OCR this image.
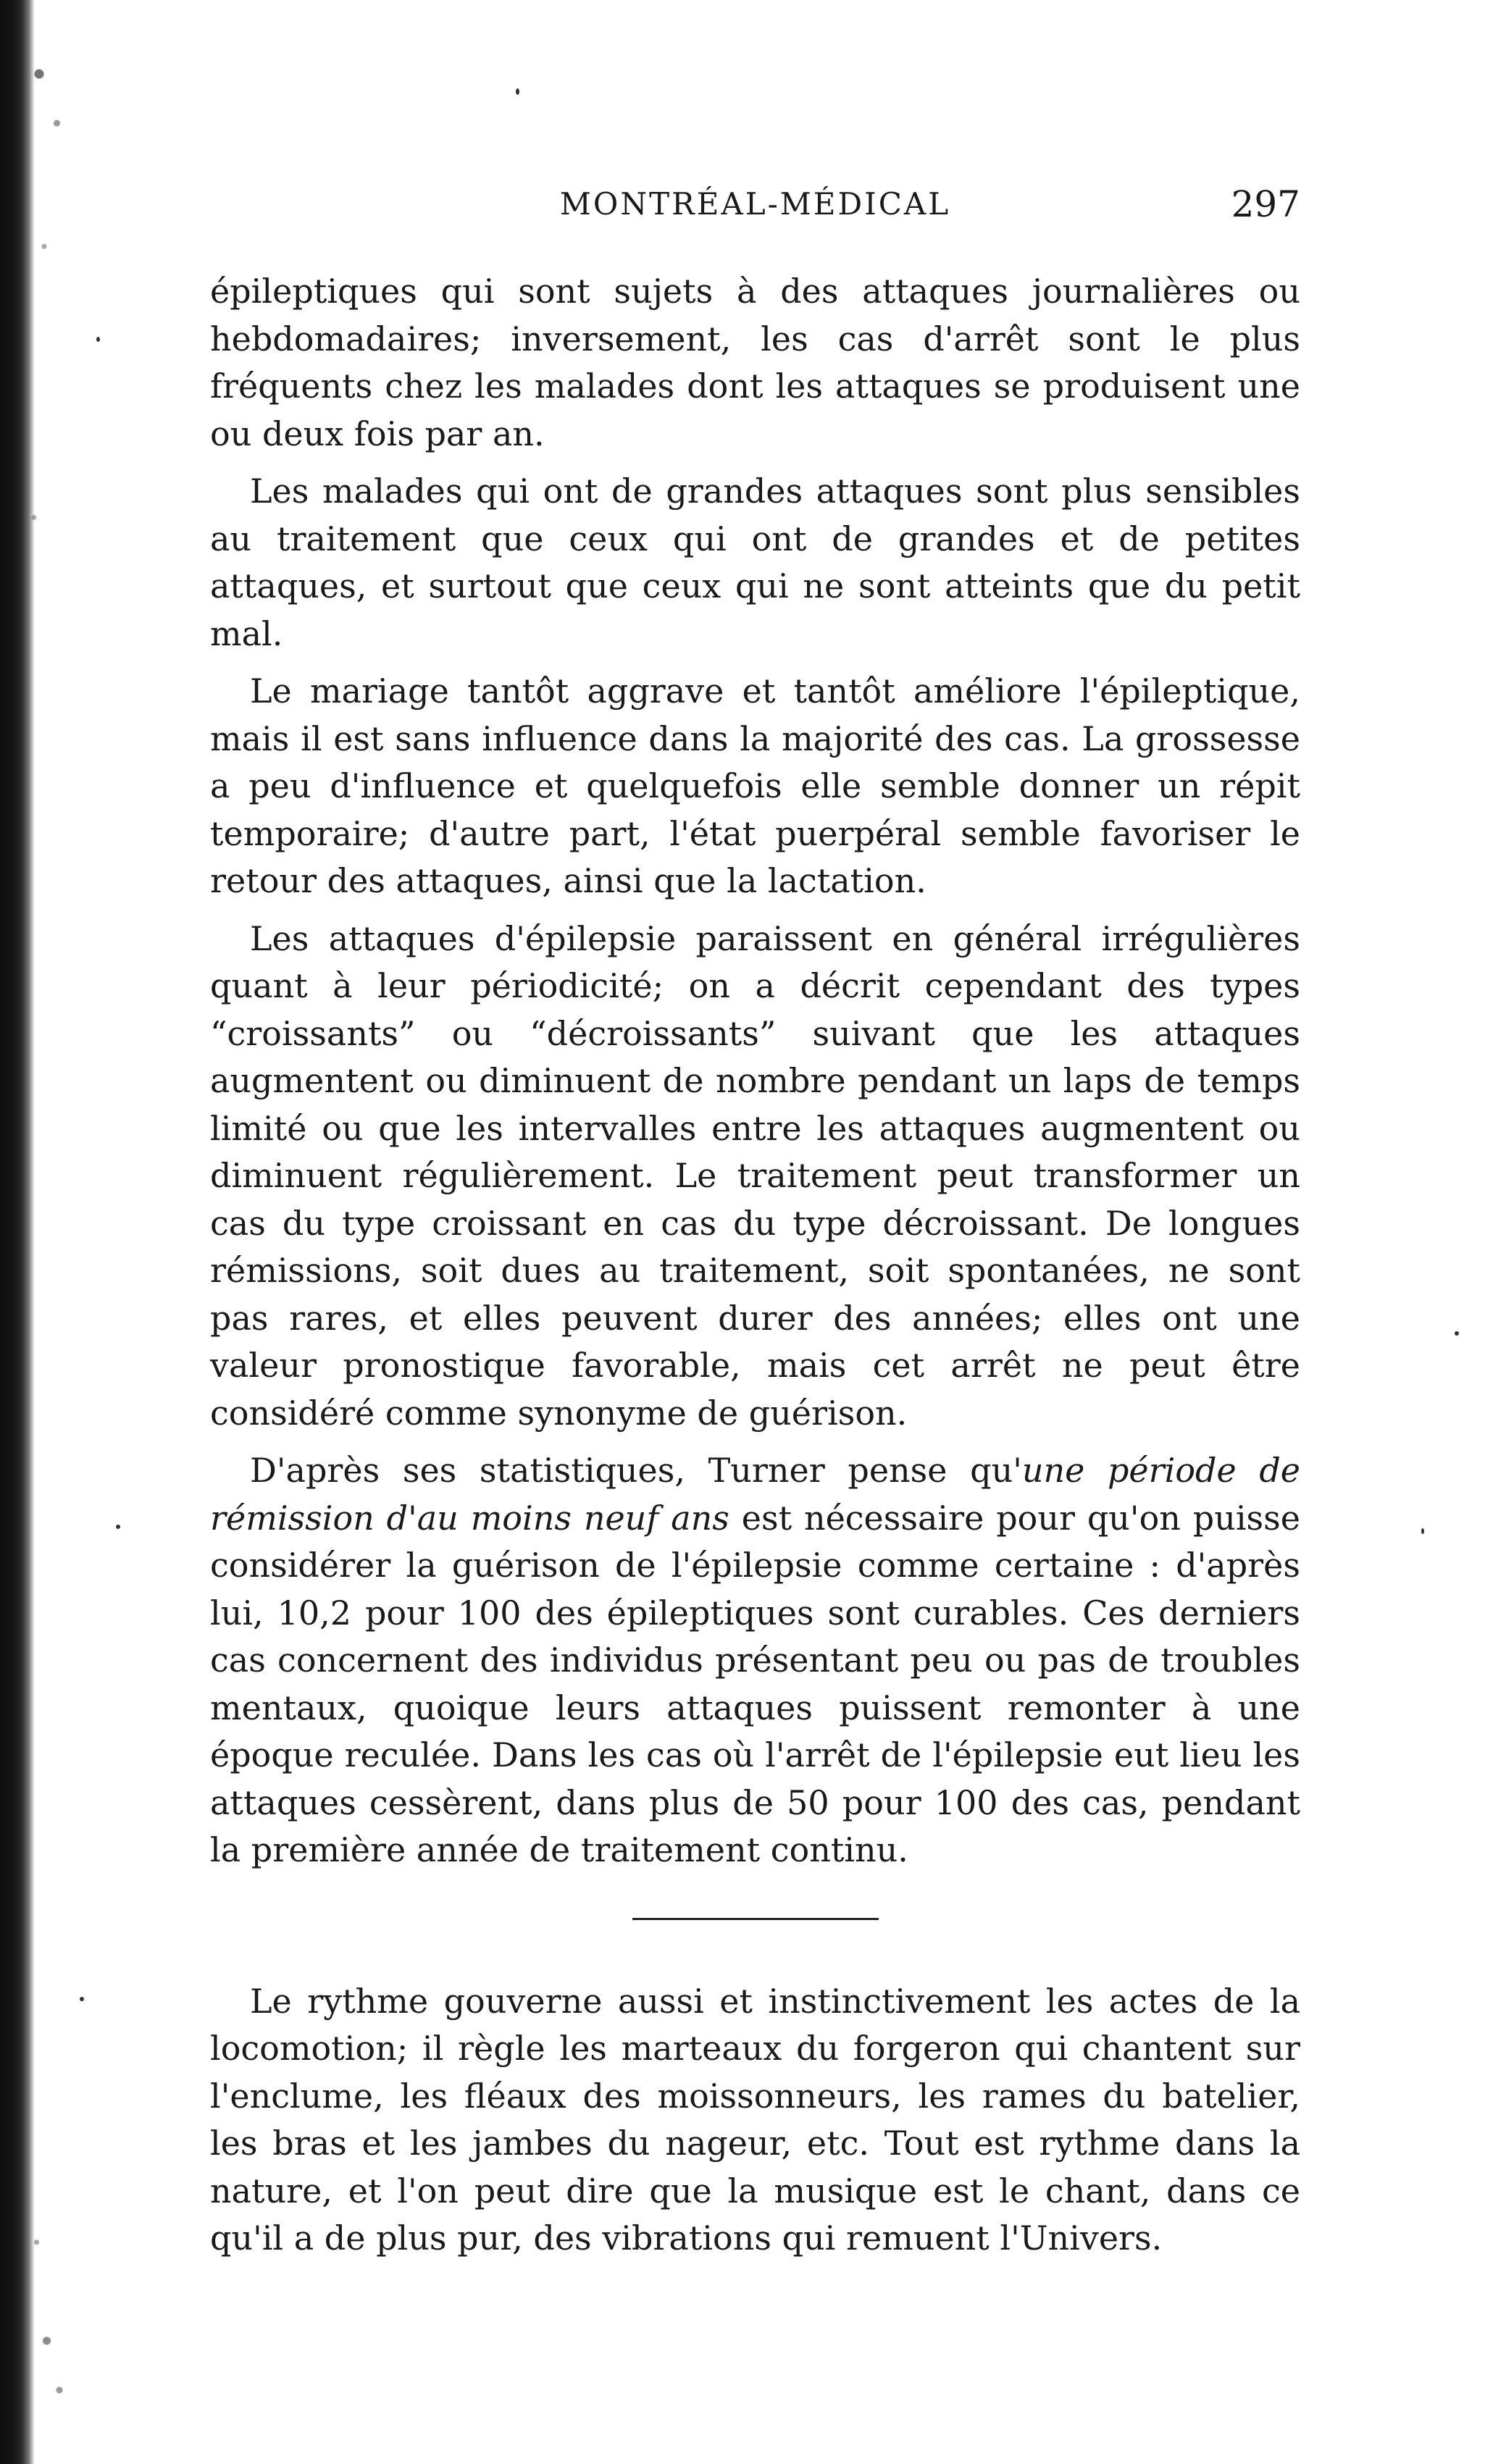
MONTRÉAL-MÉDICAL	297

épileptiques qui sont sujets à des attaques journalières ou hebdomadaires; inversement, les cas d'arrêt sont le plus fréquents chez les malades dont les attaques se produisent une ou deux fois par an.

Les malades qui ont de grandes attaques sont plus sensibles au traitement que ceux qui ont de grandes et de petites attaques, et surtout que ceux qui ne sont atteints que du petit mal.

Le mariage tantôt aggrave et tantôt améliore l'épileptique, mais il est sans influence dans la majorité des cas. La grossesse a peu d'influence et quelquefois elle semble donner un répit temporaire; d'autre part, l'état puerpéral semble favoriser le retour des attaques, ainsi que la lactation.

Les attaques d'épilepsie paraissent en général irrégulières quant à leur périodicité; on a décrit cependant des types “croissants” ou “décroissants” suivant que les attaques augmentent ou diminuent de nombre pendant un laps de temps limité ou que les intervalles entre les attaques augmentent ou diminuent régulièrement. Le traitement peut transformer un cas du type croissant en cas du type décroissant. De longues rémissions, soit dues au traitement, soit spontanées, ne sont pas rares, et elles peuvent durer des années; elles ont une valeur pronostique favorable, mais cet arrêt ne peut être considéré comme synonyme de guérison.

D'après ses statistiques, Turner pense qu'une période de rémission d'au moins neuf ans est nécessaire pour qu'on puisse considérer la guérison de l'épilepsie comme certaine : d'après lui, 10,2 pour 100 des épileptiques sont curables. Ces derniers cas concernent des individus présentant peu ou pas de troubles mentaux, quoique leurs attaques puissent remonter à une époque reculée. Dans les cas où l'arrêt de l'épilepsie eut lieu les attaques cessèrent, dans plus de 50 pour 100 des cas, pendant la première année de traitement continu.

Le rythme gouverne aussi et instinctivement les actes de la locomotion; il règle les marteaux du forgeron qui chantent sur l'enclume, les fléaux des moissonneurs, les rames du batelier, les bras et les jambes du nageur, etc. Tout est rythme dans la nature, et l'on peut dire que la musique est le chant, dans ce qu'il a de plus pur, des vibrations qui remuent l'Univers.
